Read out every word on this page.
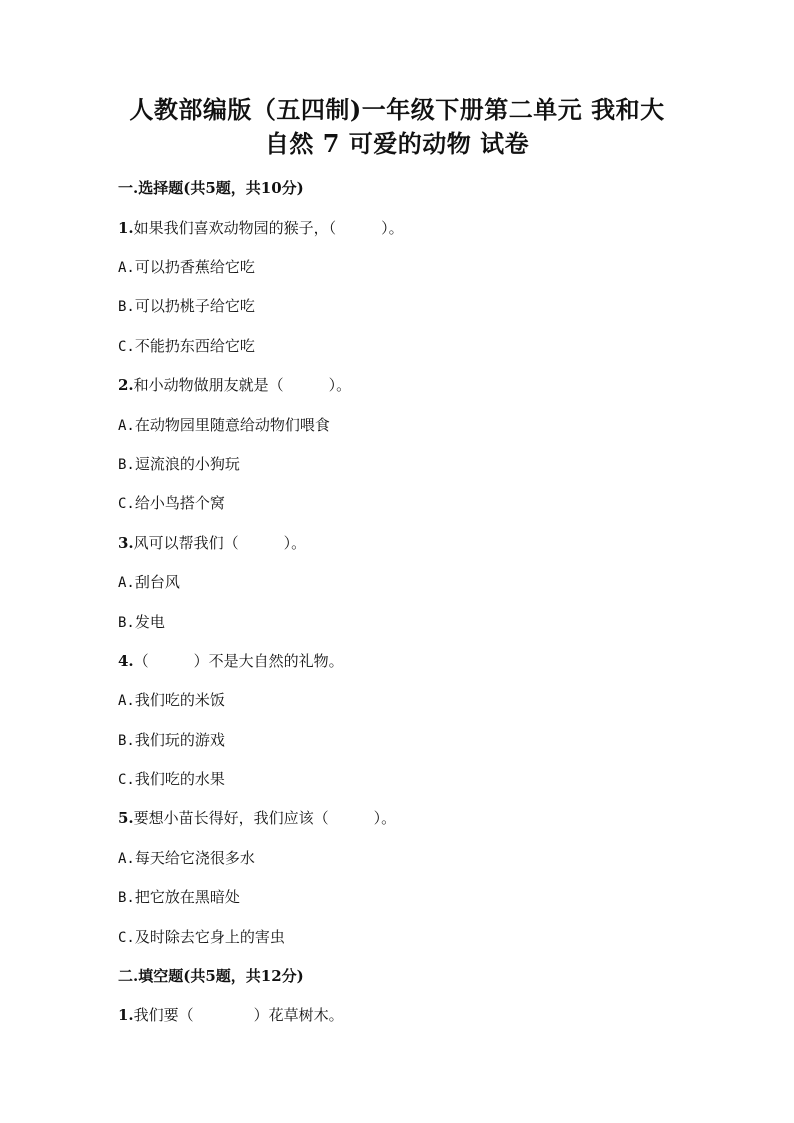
人教部编版（五四制)一年级下册第二单元 我和大
自然 7 可爱的动物 试卷
一.选择题(共5题，共10分)
1.如果我们喜欢动物园的猴子，（　　　）。
A.可以扔香蕉给它吃
B.可以扔桃子给它吃
C.不能扔东西给它吃
2.和小动物做朋友就是（　　　）。
A.在动物园里随意给动物们喂食
B.逗流浪的小狗玩
C.给小鸟搭个窝
3.风可以帮我们（　　　）。
A.刮台风
B.发电
4.（　　　）不是大自然的礼物。
A.我们吃的米饭
B.我们玩的游戏
C.我们吃的水果
5.要想小苗长得好，我们应该（　　　）。
A.每天给它浇很多水
B.把它放在黑暗处
C.及时除去它身上的害虫
二.填空题(共5题，共12分)
1.我们要（　　　　）花草树木。
